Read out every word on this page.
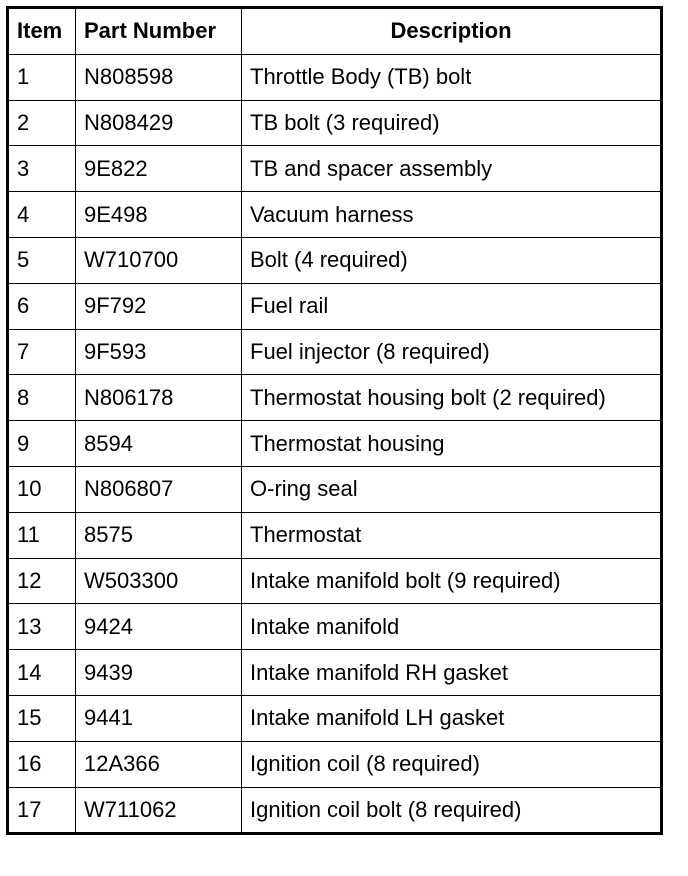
Item	Part Number	Description
1	N808598	Throttle Body (TB) bolt
2	N808429	TB bolt (3 required)
3	9E822	TB and spacer assembly
4	9E498	Vacuum harness
5	W710700	Bolt (4 required)
6	9F792	Fuel rail
7	9F593	Fuel injector (8 required)
8	N806178	Thermostat housing bolt (2 required)
9	8594	Thermostat housing
10	N806807	O-ring seal
11	8575	Thermostat
12	W503300	Intake manifold bolt (9 required)
13	9424	Intake manifold
14	9439	Intake manifold RH gasket
15	9441	Intake manifold LH gasket
16	12A366	Ignition coil (8 required)
17	W711062	Ignition coil bolt (8 required)
